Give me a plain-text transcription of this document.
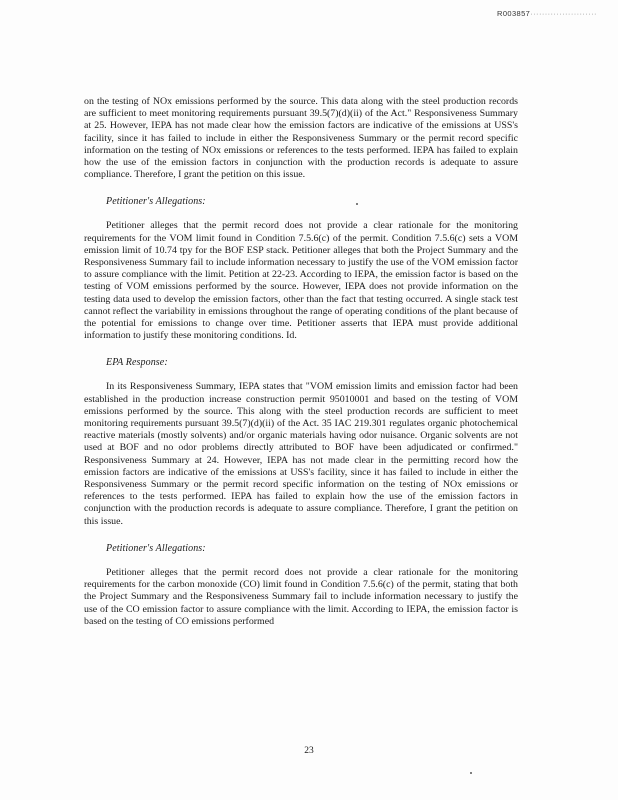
R003857·······················

on the testing of NOx emissions performed by the source. This data along with the steel production records are sufficient to meet monitoring requirements pursuant 39.5(7)(d)(ii) of the Act." Responsiveness Summary at 25. However, IEPA has not made clear how the emission factors are indicative of the emissions at USS's facility, since it has failed to include in either the Responsiveness Summary or the permit record specific information on the testing of NOx emissions or references to the tests performed. IEPA has failed to explain how the use of the emission factors in conjunction with the production records is adequate to assure compliance. Therefore, I grant the petition on this issue.

Petitioner's Allegations:

Petitioner alleges that the permit record does not provide a clear rationale for the monitoring requirements for the VOM limit found in Condition 7.5.6(c) of the permit. Condition 7.5.6(c) sets a VOM emission limit of 10.74 tpy for the BOF ESP stack. Petitioner alleges that both the Project Summary and the Responsiveness Summary fail to include information necessary to justify the use of the VOM emission factor to assure compliance with the limit. Petition at 22-23. According to IEPA, the emission factor is based on the testing of VOM emissions performed by the source. However, IEPA does not provide information on the testing data used to develop the emission factors, other than the fact that testing occurred. A single stack test cannot reflect the variability in emissions throughout the range of operating conditions of the plant because of the potential for emissions to change over time. Petitioner asserts that IEPA must provide additional information to justify these monitoring conditions. Id.

EPA Response:

In its Responsiveness Summary, IEPA states that "VOM emission limits and emission factor had been established in the production increase construction permit 95010001 and based on the testing of VOM emissions performed by the source. This along with the steel production records are sufficient to meet monitoring requirements pursuant 39.5(7)(d)(ii) of the Act. 35 IAC 219.301 regulates organic photochemical reactive materials (mostly solvents) and/or organic materials having odor nuisance. Organic solvents are not used at BOF and no odor problems directly attributed to BOF have been adjudicated or confirmed." Responsiveness Summary at 24. However, IEPA has not made clear in the permitting record how the emission factors are indicative of the emissions at USS's facility, since it has failed to include in either the Responsiveness Summary or the permit record specific information on the testing of NOx emissions or references to the tests performed. IEPA has failed to explain how the use of the emission factors in conjunction with the production records is adequate to assure compliance. Therefore, I grant the petition on this issue.

Petitioner's Allegations:

Petitioner alleges that the permit record does not provide a clear rationale for the monitoring requirements for the carbon monoxide (CO) limit found in Condition 7.5.6(c) of the permit, stating that both the Project Summary and the Responsiveness Summary fail to include information necessary to justify the use of the CO emission factor to assure compliance with the limit. According to IEPA, the emission factor is based on the testing of CO emissions performed

23
